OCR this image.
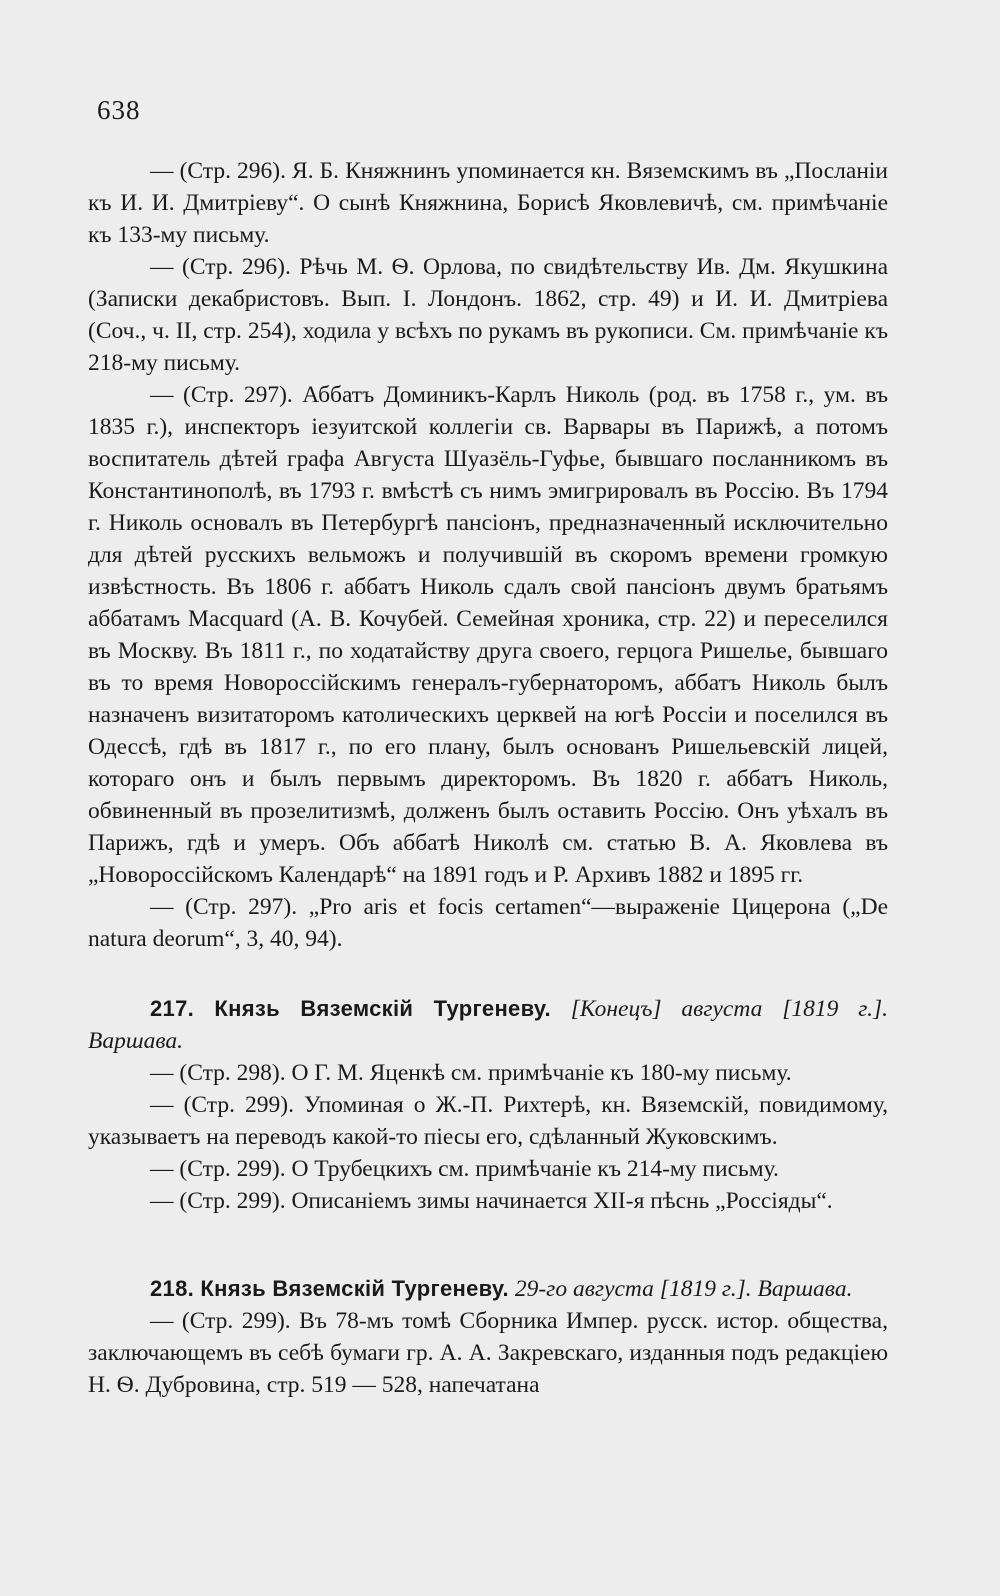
638

— (Стр. 296). Я. Б. Княжнинъ упоминается кн. Вяземскимъ въ „Посланіи къ И. И. Дмитріеву“. О сынѣ Княжнина, Борисѣ Яковлевичѣ, см. примѣчаніе къ 133-му письму.

— (Стр. 296). Рѣчь М. Ѳ. Орлова, по свидѣтельству Ив. Дм. Якушкина (Записки декабристовъ. Вып. I. Лондонъ. 1862, стр. 49) и И. И. Дмитріева (Соч., ч. II, стр. 254), ходила у всѣхъ по рукамъ въ рукописи. См. примѣчаніе къ 218-му письму.

— (Стр. 297). Аббатъ Доминикъ-Карлъ Николь (род. въ 1758 г., ум. въ 1835 г.), инспекторъ іезуитской коллегіи св. Варвары въ Парижѣ, а потомъ воспитатель дѣтей графа Августа Шуазёль-Гуфье, бывшаго посланникомъ въ Константинополѣ, въ 1793 г. вмѣстѣ съ нимъ эмигрировалъ въ Россію. Въ 1794 г. Николь основалъ въ Петербургѣ пансіонъ, предназначенный исключительно для дѣтей русскихъ вельможъ и получившій въ скоромъ времени громкую извѣстность. Въ 1806 г. аббатъ Николь сдалъ свой пансіонъ двумъ братьямъ аббатамъ Macquard (А. В. Кочубей. Семейная хроника, стр. 22) и переселился въ Москву. Въ 1811 г., по ходатайству друга своего, герцога Ришелье, бывшаго въ то время Новороссійскимъ генералъ-губернаторомъ, аббатъ Николь былъ назначенъ визитаторомъ католическихъ церквей на югѣ Россіи и поселился въ Одессѣ, гдѣ въ 1817 г., по его плану, былъ основанъ Ришельевскій лицей, котораго онъ и былъ первымъ директоромъ. Въ 1820 г. аббатъ Николь, обвиненный въ прозелитизмѣ, долженъ былъ оставить Россію. Онъ уѣхалъ въ Парижъ, гдѣ и умеръ. Объ аббатѣ Николѣ см. статью В. А. Яковлева въ „Новороссійскомъ Календарѣ“ на 1891 годъ и Р. Архивъ 1882 и 1895 гг.

— (Стр. 297). „Pro aris et focis certamen“—выраженіе Цицерона („De natura deorum“, 3, 40, 94).

217. Князь Вяземскій Тургеневу. [Конецъ] августа [1819 г.]. Варшава.

— (Стр. 298). О Г. М. Яценкѣ см. примѣчаніе къ 180-му письму.

— (Стр. 299). Упоминая о Ж.-П. Рихтерѣ, кн. Вяземскій, повидимому, указываетъ на переводъ какой-то піесы его, сдѣланный Жуковскимъ.

— (Стр. 299). О Трубецкихъ см. примѣчаніе къ 214-му письму.

— (Стр. 299). Описаніемъ зимы начинается XII-я пѣснь „Россіяды“.

218. Князь Вяземскій Тургеневу. 29-го августа [1819 г.]. Варшава.

— (Стр. 299). Въ 78-мъ томѣ Сборника Импер. русск. истор. общества, заключающемъ въ себѣ бумаги гр. А. А. Закревскаго, изданныя подъ редакціею Н. Ѳ. Дубровина, стр. 519 — 528, напечатана
